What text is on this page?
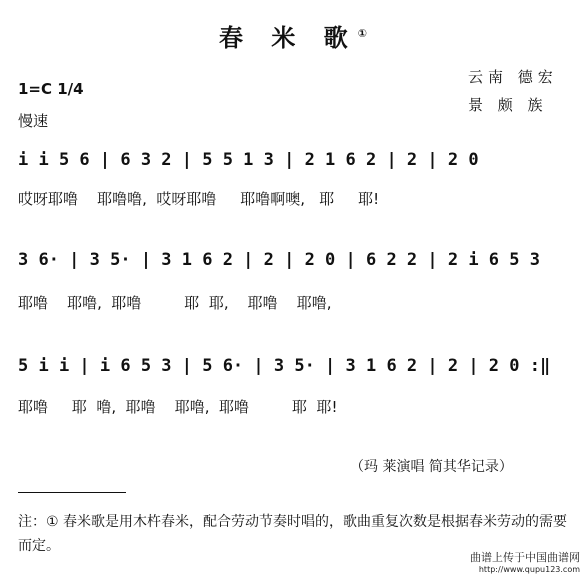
春 米 歌①
1=C 1/4
慢速
云南 德宏
景 颇 族
i i 5 6 | 6 3 2 | 5 5 1 3 | 2 1 6 2 | 2 | 2 0
哎呀耶噜    耶噜噜,  哎呀耶噜     耶噜啊噢,   耶     耶!
3 6· | 3 5· | 3 1 6 2 | 2 | 2 0 | 6 2 2 | 2 i 6 5 3
耶噜    耶噜,  耶噜         耶  耶,    耶噜    耶噜,
5 i i | i 6 5 3 | 5 6· | 3 5· | 3 1 6 2 | 2 | 2 0 :‖
耶噜     耶  噜,  耶噜    耶噜,  耶噜         耶  耶!
（玛 莱演唱 简其华记录）
注：① 春米歌是用木杵春米，配合劳动节奏时唱的，歌曲重复次数是根据春米劳动的需要而定。
曲谱上传于中国曲谱网
http://www.qupu123.com
